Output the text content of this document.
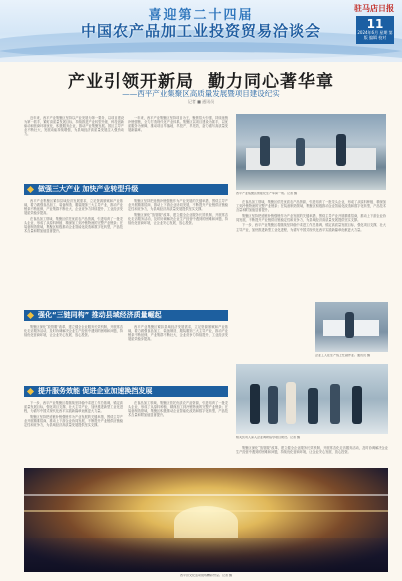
喜迎第二十四届
中国农产品加工业投资贸易洽谈会
驻马店日报
11
2024年6月 星期 第 版 编辑 校对
产业引领开新局 勤力同心著华章
——西平产业集聚区高质量发展暨项目建设纪实
记者 ■ 通讯员

近年来，西平产业集聚区坚持以产业发展为第一要务，以项目建设为第一抓手，紧盯高质量发展目标，持续推进产业转型升级、科技创新驱动和营商环境优化，积极服务企业，推动产业集聚发展。园区主导产业不断壮大，发展动能持续增强，为县域经济高质量发展注入强劲动力。

一年来，西平产业集聚区坚持项目为王，聚焦招大引强，持续延链补链强链，全力打造现代化产业体系。集聚区以项目建设为抓手，以优质服务为保障，推动项目早落地、早投产、早见效，奋力谱写高质量发展新篇章。

西平产业集聚区智能化生产车间一角。记者 摄
做强三大产业 加快产业转型升级

西平产业集聚区紧扣县域经济发展需求，立足资源禀赋和产业基础，着力做强食品加工、装备制造、服装服饰三大主导产业，推动产业链条不断延伸，产业集群不断壮大，企业竞争力持续提升，工业经济发展质效稳步提高。

在食品加工领域，集聚区依托优质农产品资源，引进培育了一批龙头企业，形成了从原料种植、精深加工到冷链物流的完整产业链条；在装备制造领域，集聚区积极推动企业智能化改造和数字化转型，产品技术含量和附加值显著提升。

集聚区坚持把延链补链强链作为产业发展的关键举措，围绕主导产业开展精准招商，推动上下游企业协同发展，不断提升产业链供应链稳定性和竞争力，为县域经济高质量发展提供坚实支撑。

集聚区深化“放管服”改革，建立健全企业服务长效机制，开展常态化走访服务活动，及时协调解决企业生产经营中遇到的困难和问题，持续优化营商环境，让企业安心发展、放心投资。

在食品加工领域，集聚区依托优质农产品资源，引进培育了一批龙头企业，形成了从原料种植、精深加工到冷链物流的完整产业链条；在装备制造领域，集聚区积极推动企业智能化改造和数字化转型，产品技术含量和附加值显著提升。

集聚区坚持把延链补链强链作为产业发展的关键举措，围绕主导产业开展精准招商，推动上下游企业协同发展，不断提升产业链供应链稳定性和竞争力，为县域经济高质量发展提供坚实支撑。

下一步，西平产业集聚区将继续坚持稳中求进工作总基调，锚定高质量发展目标，强化项目支撑，壮大主导产业，加快推进新型工业化进程，为谱写中国式现代化西平实践新篇章贡献更大力量。

企业工人在生产线上忙碌作业。通讯员 摄
相关负责人深入企业调研指导项目建设。记者 摄
强化“三链同构” 推动县域经济质量崛起

集聚区深化“放管服”改革，建立健全企业服务长效机制，开展常态化走访服务活动，及时协调解决企业生产经营中遇到的困难和问题，持续优化营商环境，让企业安心发展、放心投资。

西平产业集聚区紧扣县域经济发展需求，立足资源禀赋和产业基础，着力做强食品加工、装备制造、服装服饰三大主导产业，推动产业链条不断延伸，产业集群不断壮大，企业竞争力持续提升，工业经济发展质效稳步提高。

提升服务效能 促进企业加速换挡发展

下一步，西平产业集聚区将继续坚持稳中求进工作总基调，锚定高质量发展目标，强化项目支撑，壮大主导产业，加快推进新型工业化进程，为谱写中国式现代化西平实践新篇章贡献更大力量。

集聚区坚持把延链补链强链作为产业发展的关键举措，围绕主导产业开展精准招商，推动上下游企业协同发展，不断提升产业链供应链稳定性和竞争力，为县域经济高质量发展提供坚实支撑。

在食品加工领域，集聚区依托优质农产品资源，引进培育了一批龙头企业，形成了从原料种植、精深加工到冷链物流的完整产业链条；在装备制造领域，集聚区积极推动企业智能化改造和数字化转型，产品技术含量和附加值显著提升。

集聚区深化“放管服”改革，建立健全企业服务长效机制，开展常态化走访服务活动，及时协调解决企业生产经营中遇到的困难和问题，持续优化营商环境，让企业安心发展、放心投资。

西平县文化活动现场精彩纷呈。记者 摄
